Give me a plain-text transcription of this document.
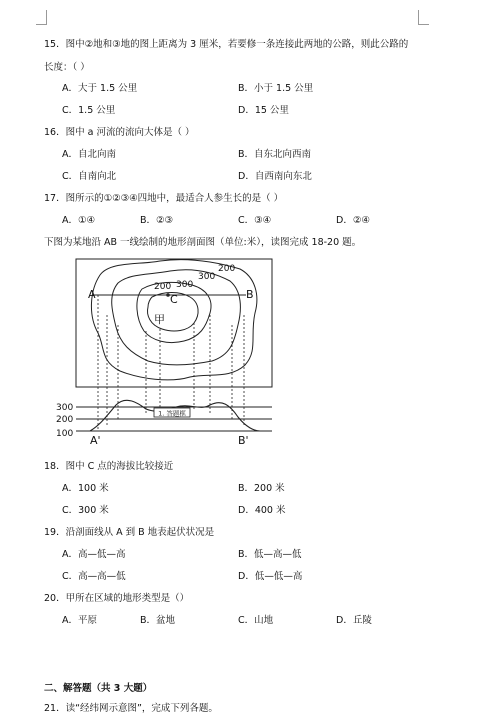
15．图中②地和③地的图上距离为 3 厘米，若要修一条连接此两地的公路，则此公路的
长度：（ ）
A．大于 1.5 公里	B．小于 1.5 公里
C．1.5 公里	D．15 公里
16．图中 a 河流的流向大体是（ ）
A．自北向南	B．自东北向西南
C．自南向北	D．自西南向东北
17．图所示的①②③④四地中，最适合人参生长的是（ ）
A．①④	B．②③	C．③④	D．②④
下图为某地沿 AB 一线绘制的地形剖面图（单位:米），读图完成 18-20 题。
1. 答题框
A	B
C
甲
200 300
300
200
300
200
100 A'	B'
18．图中 C 点的海拔比较接近
A．100 米	B．200 米
C．300 米	D．400 米
19．沿剖面线从 A 到 B 地表起伏状况是
A．高—低—高	B．低—高—低
C．高—高—低	D．低—低—高
20．甲所在区域的地形类型是（）
A．平原	B．盆地	C．山地	D．丘陵
二、解答题（共 3 大题）
21．读“经纬网示意图”，完成下列各题。
